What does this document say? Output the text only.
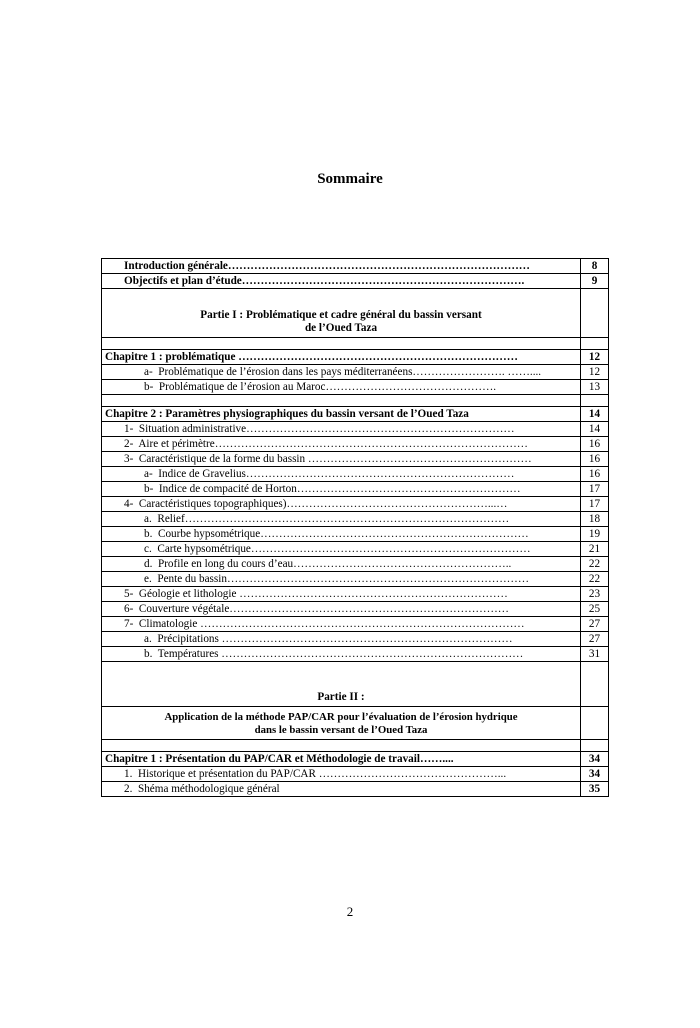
Sommaire
Introduction générale………………………………………………………………………	8
Objectifs et plan d’étude………………………………………………………………….	9

Partie I : Problématique et cadre général du bassin versant
de l’Oued Taza	

Chapitre 1 : problématique …………………………………………………………………	12
a- Problématique de l’érosion dans les pays méditerranéens……………………. ……....	12
b- Problématique de l’érosion au Maroc……………………………………….	13

Chapitre 2 : Paramètres physiographiques du bassin versant de l’Oued Taza	14
1- Situation administrative………………………………………………………………	14
2- Aire et périmètre…………………………………………………………………………	16
3- Caractéristique de la forme du bassin ……………………………………………………	16
a- Indice de Gravelius………………………………………………………………	16
b- Indice de compacité de Horton……………………………………………………	17
4- Caractéristiques topographiques)………………………………………………...…	17
a. Relief……………………………………………………………………………	18
b. Courbe hypsométrique………………………………………………………………	19
c. Carte hypsométrique…………………………………………………………………	21
d. Profile en long du cours d’eau…………………………………………………..	22
e. Pente du bassin………………………………………………………………………	22
5- Géologie et lithologie ………………………………………………………………	23
6- Couverture végétale…………………………………………………………………	25
7- Climatologie ……………………………………………………………………………	27
a. Précipitations ……………………………………………………………………	27
b. Températures ………………………………………………………………………	31

Partie II :	

Application de la méthode PAP/CAR pour l’évaluation de l’érosion hydrique
dans le bassin versant de l’Oued Taza	

Chapitre 1 : Présentation du PAP/CAR et Méthodologie de travail……....	34
1. Historique et présentation du PAP/CAR …………………………………………...	34
2. Shéma méthodologique général	35
2
